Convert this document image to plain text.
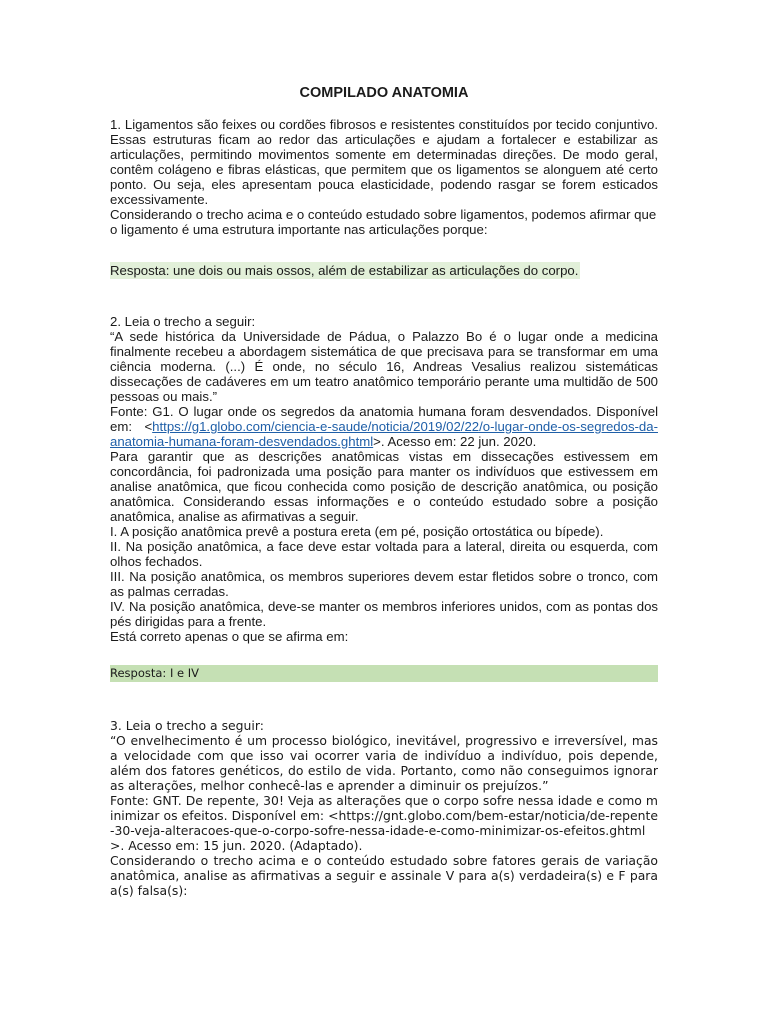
COMPILADO ANATOMIA

1. Ligamentos são feixes ou cordões fibrosos e resistentes constituídos por tecido conjuntivo. Essas estruturas ficam ao redor das articulações e ajudam a fortalecer e estabilizar as articulações, permitindo movimentos somente em determinadas direções. De modo geral, contêm colágeno e fibras elásticas, que permitem que os ligamentos se alonguem até certo ponto. Ou seja, eles apresentam pouca elasticidade, podendo rasgar se forem esticados excessivamente.

Considerando o trecho acima e o conteúdo estudado sobre ligamentos, podemos afirmar que o ligamento é uma estrutura importante nas articulações porque:

Resposta: une dois ou mais ossos, além de estabilizar as articulações do corpo.

2. Leia o trecho a seguir:

“A sede histórica da Universidade de Pádua, o Palazzo Bo é o lugar onde a medicina finalmente recebeu a abordagem sistemática de que precisava para se transformar em uma ciência moderna. (...) É onde, no século 16, Andreas Vesalius realizou sistemáticas dissecações de cadáveres em um teatro anatômico temporário perante uma multidão de 500 pessoas ou mais.”

Fonte: G1. O lugar onde os segredos da anatomia humana foram desvendados. Disponível em: <https://g1.globo.com/ciencia-e-saude/noticia/2019/02/22/o-lugar-onde-os-segredos-da-anatomia-humana-foram-desvendados.ghtml>. Acesso em: 22 jun. 2020.

Para garantir que as descrições anatômicas vistas em dissecações estivessem em concordância, foi padronizada uma posição para manter os indivíduos que estivessem em analise anatômica, que ficou conhecida como posição de descrição anatômica, ou posição anatômica. Considerando essas informações e o conteúdo estudado sobre a posição anatômica, analise as afirmativas a seguir.

I. A posição anatômica prevê a postura ereta (em pé, posição ortostática ou bípede).

II. Na posição anatômica, a face deve estar voltada para a lateral, direita ou esquerda, com olhos fechados.

III. Na posição anatômica, os membros superiores devem estar fletidos sobre o tronco, com as palmas cerradas.

IV. Na posição anatômica, deve-se manter os membros inferiores unidos, com as pontas dos pés dirigidas para a frente.

Está correto apenas o que se afirma em:

Resposta: I e IV

3. Leia o trecho a seguir:

“O envelhecimento é um processo biológico, inevitável, progressivo e irreversível, mas a velocidade com que isso vai ocorrer varia de indivíduo a indivíduo, pois depende, além dos fatores genéticos, do estilo de vida. Portanto, como não conseguimos ignorar as alterações, melhor conhecê-las e aprender a diminuir os prejuízos.”

Fonte: GNT. De repente, 30! Veja as alterações que o corpo sofre nessa idade e como minimizar os efeitos. Disponível em: <https://gnt.globo.com/bem-estar/noticia/de-repente-30-veja-alteracoes-que-o-corpo-sofre-nessa-idade-e-como-minimizar-os-efeitos.ghtml>. Acesso em: 15 jun. 2020. (Adaptado).

Considerando o trecho acima e o conteúdo estudado sobre fatores gerais de variação anatômica, analise as afirmativas a seguir e assinale V para a(s) verdadeira(s) e F para a(s) falsa(s):
